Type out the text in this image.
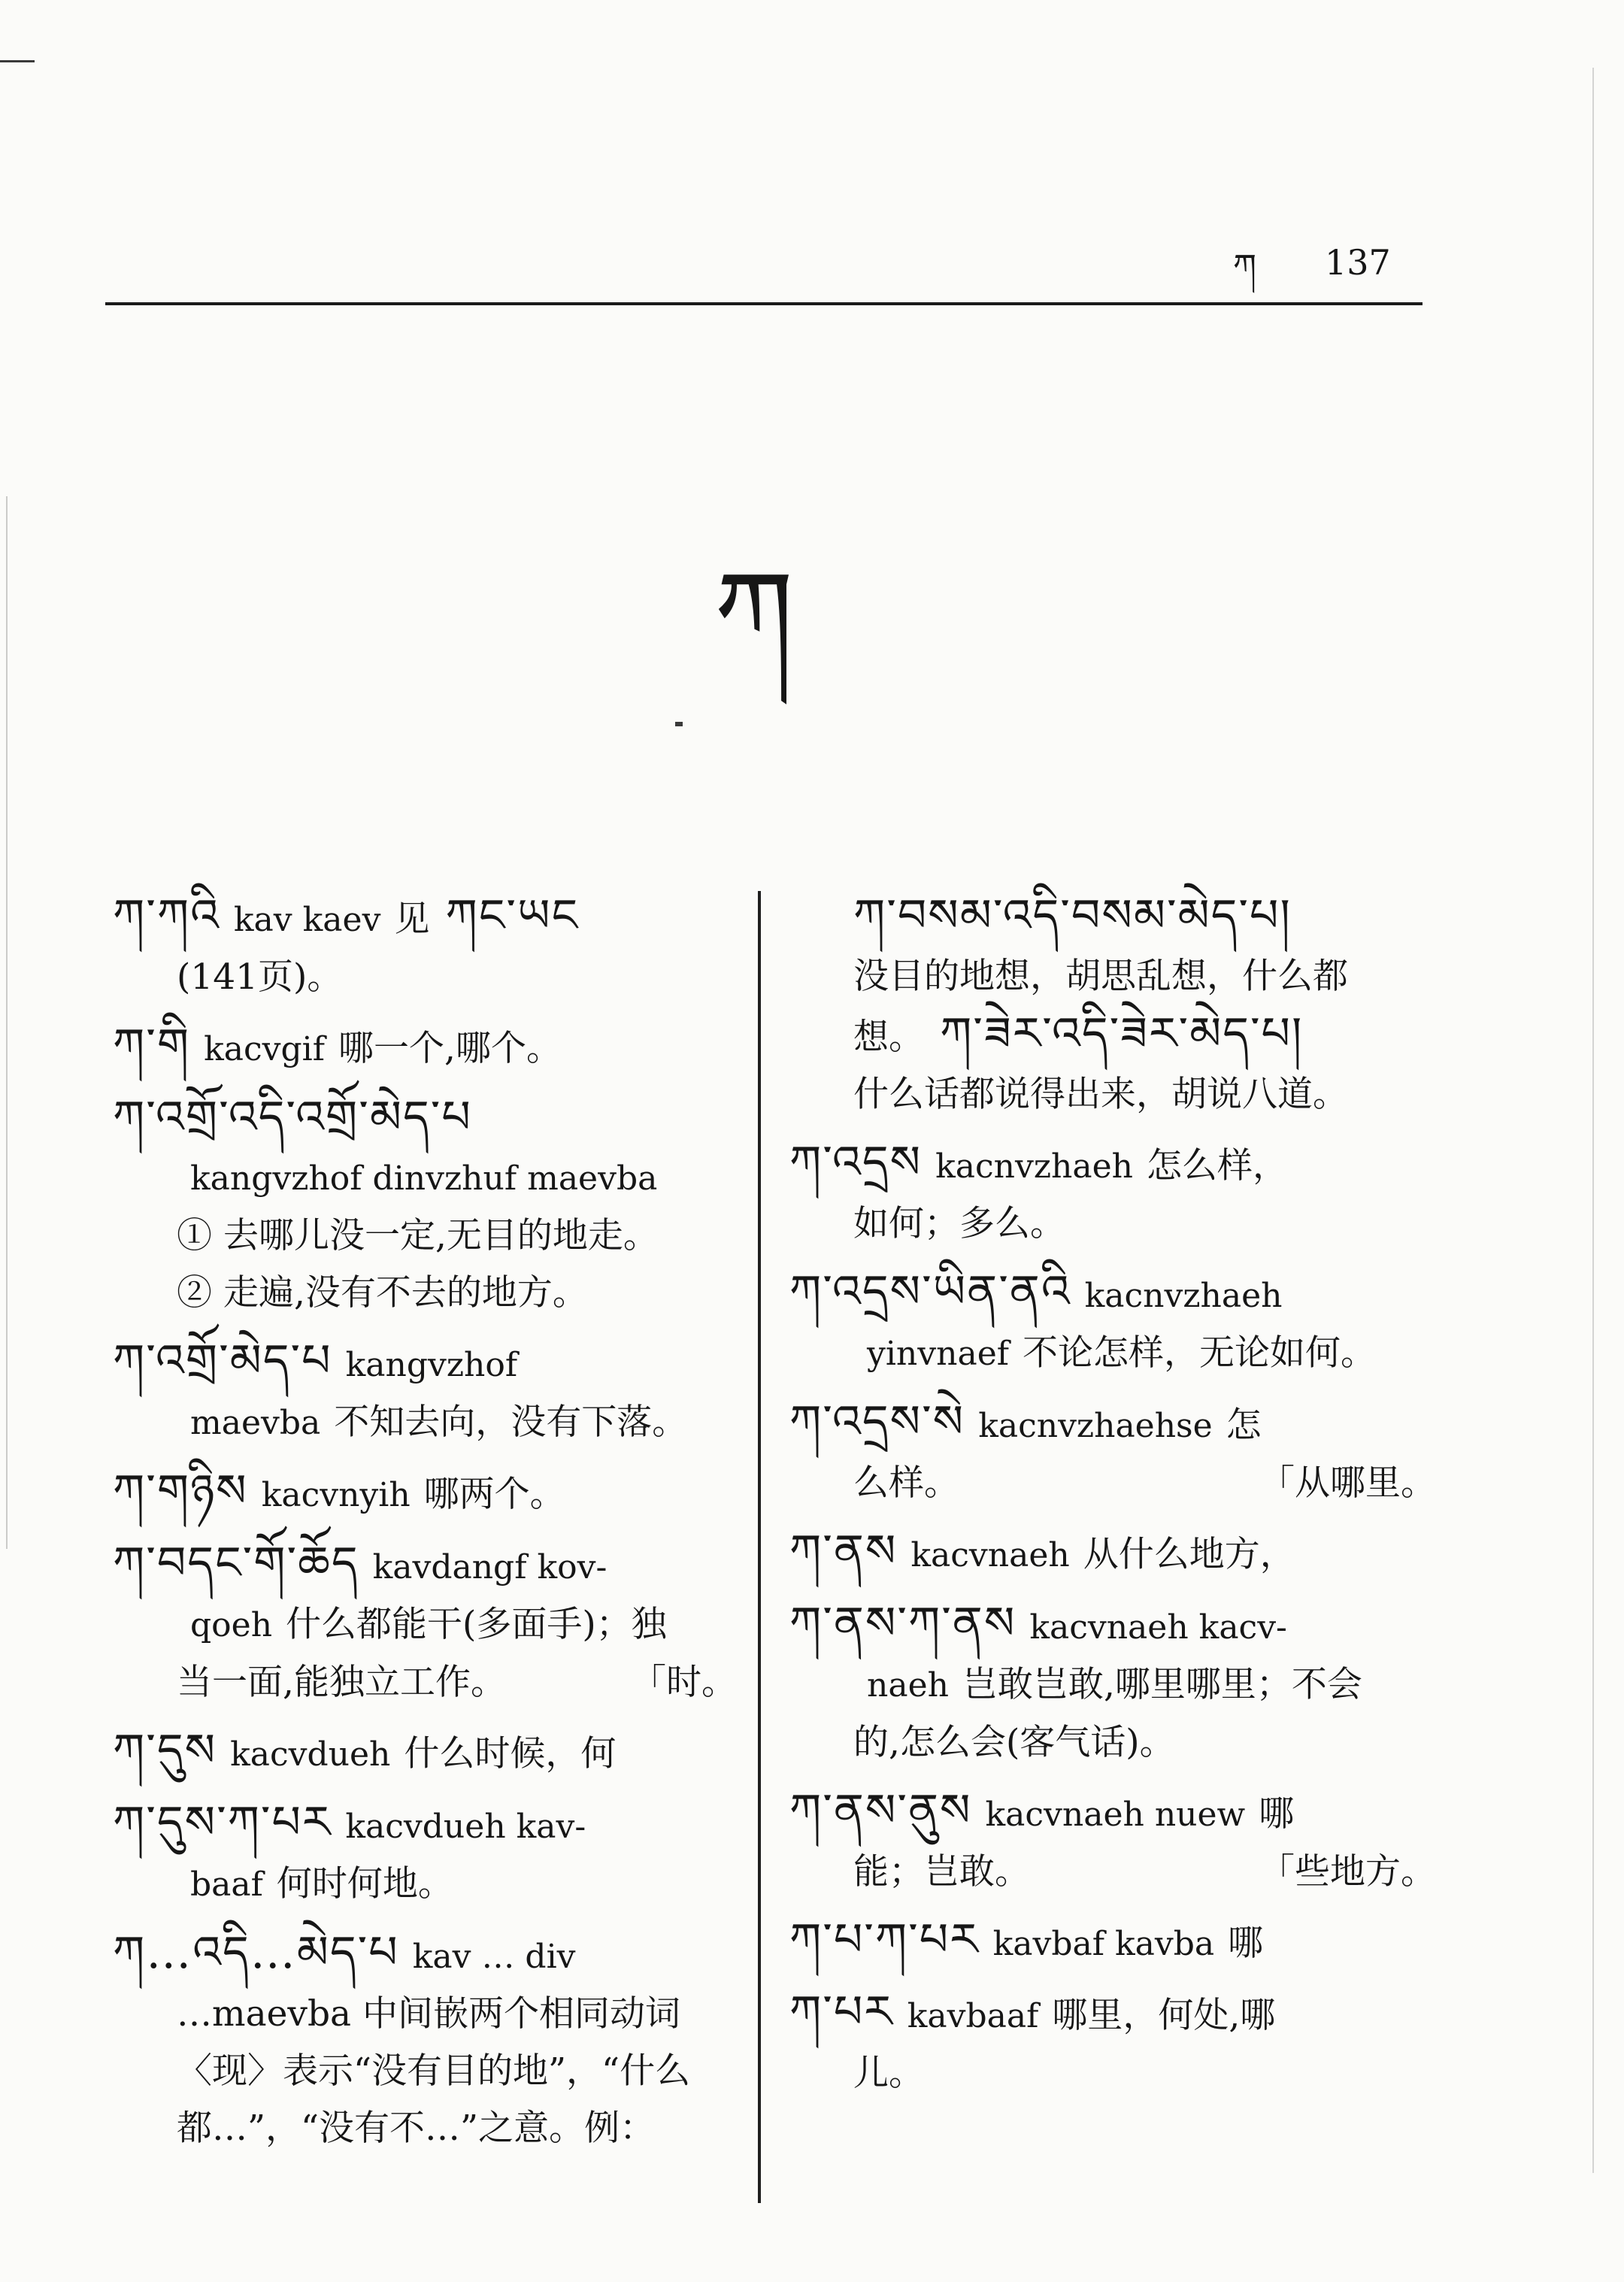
ཀ 137
ཀ
ཀ་ཀའི kav kaev 见 ཀང་ཡང
(141页)。
ཀ་གི kacvgif 哪一个,哪个。
ཀ་འགྲོ་འདི་འགྲོ་མེད་པ
kangvzhof dinvzhuf maevba
① 去哪儿没一定,无目的地走。
② 走遍,没有不去的地方。
ཀ་འགྲོ་མེད་པ kangvzhof
maevba 不知去向，没有下落。
ཀ་གཉིས kacvnyih 哪两个。
ཀ་བདང་གོ་ཆོད kavdangf kov-
qoeh 什么都能干(多面手)；独
「时。
当一面,能独立工作。
ཀ་དུས kacvdueh 什么时候，何
ཀ་དུས་ཀ་པར kacvdueh kav-
baaf 何时何地。
ཀ…འདི…མེད་པ kav … div
…maevba 中间嵌两个相同动词
〈现〉表示“没有目的地”，“什么
都…”，“没有不…”之意。例：
ཀ་བསམ་འདི་བསམ་མེད་པ།
没目的地想，胡思乱想，什么都
想。 ཀ་ཟེར་འདི་ཟེར་མེད་པ།
什么话都说得出来，胡说八道。
ཀ་འདྲས kacnvzhaeh 怎么样，
如何；多么。
ཀ་འདྲས་ཡིན་ནའི kacnvzhaeh
yinvnaef 不论怎样，无论如何。
ཀ་འདྲས་སེ kacnvzhaehse 怎
「从哪里。
么样。
ཀ་ནས kacvnaeh 从什么地方，
ཀ་ནས་ཀ་ནས kacvnaeh kacv-
naeh 岂敢岂敢,哪里哪里；不会
的,怎么会(客气话)。
ཀ་ནས་ནུས kacvnaeh nuew 哪
「些地方。
能；岂敢。
ཀ་པ་ཀ་པར kavbaf kavba 哪
ཀ་པར kavbaaf 哪里，何处,哪
儿。
